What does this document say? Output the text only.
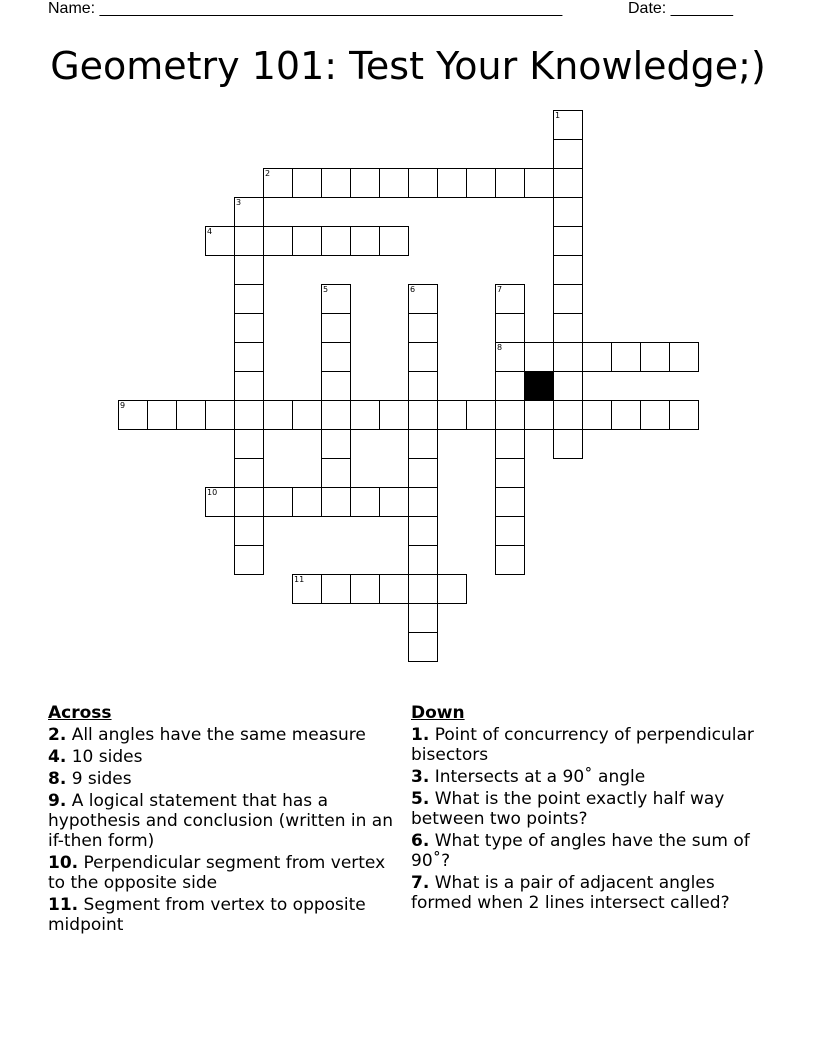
Name: ____________________________________________________	Date: _______
Geometry 101: Test Your Knowledge;)
1
2
3
4
5	6	7
8
9
10
11
Across
2. All angles have the same measure
4. 10 sides
8. 9 sides
9. A logical statement that has a hypothesis and conclusion (written in an if-then form)
10. Perpendicular segment from vertex to the opposite side
11. Segment from vertex to opposite midpoint
Down
1. Point of concurrency of perpendicular bisectors
3. Intersects at a 90˚ angle
5. What is the point exactly half way between two points?
6. What type of angles have the sum of 90˚?
7. What is a pair of adjacent angles formed when 2 lines intersect called?
